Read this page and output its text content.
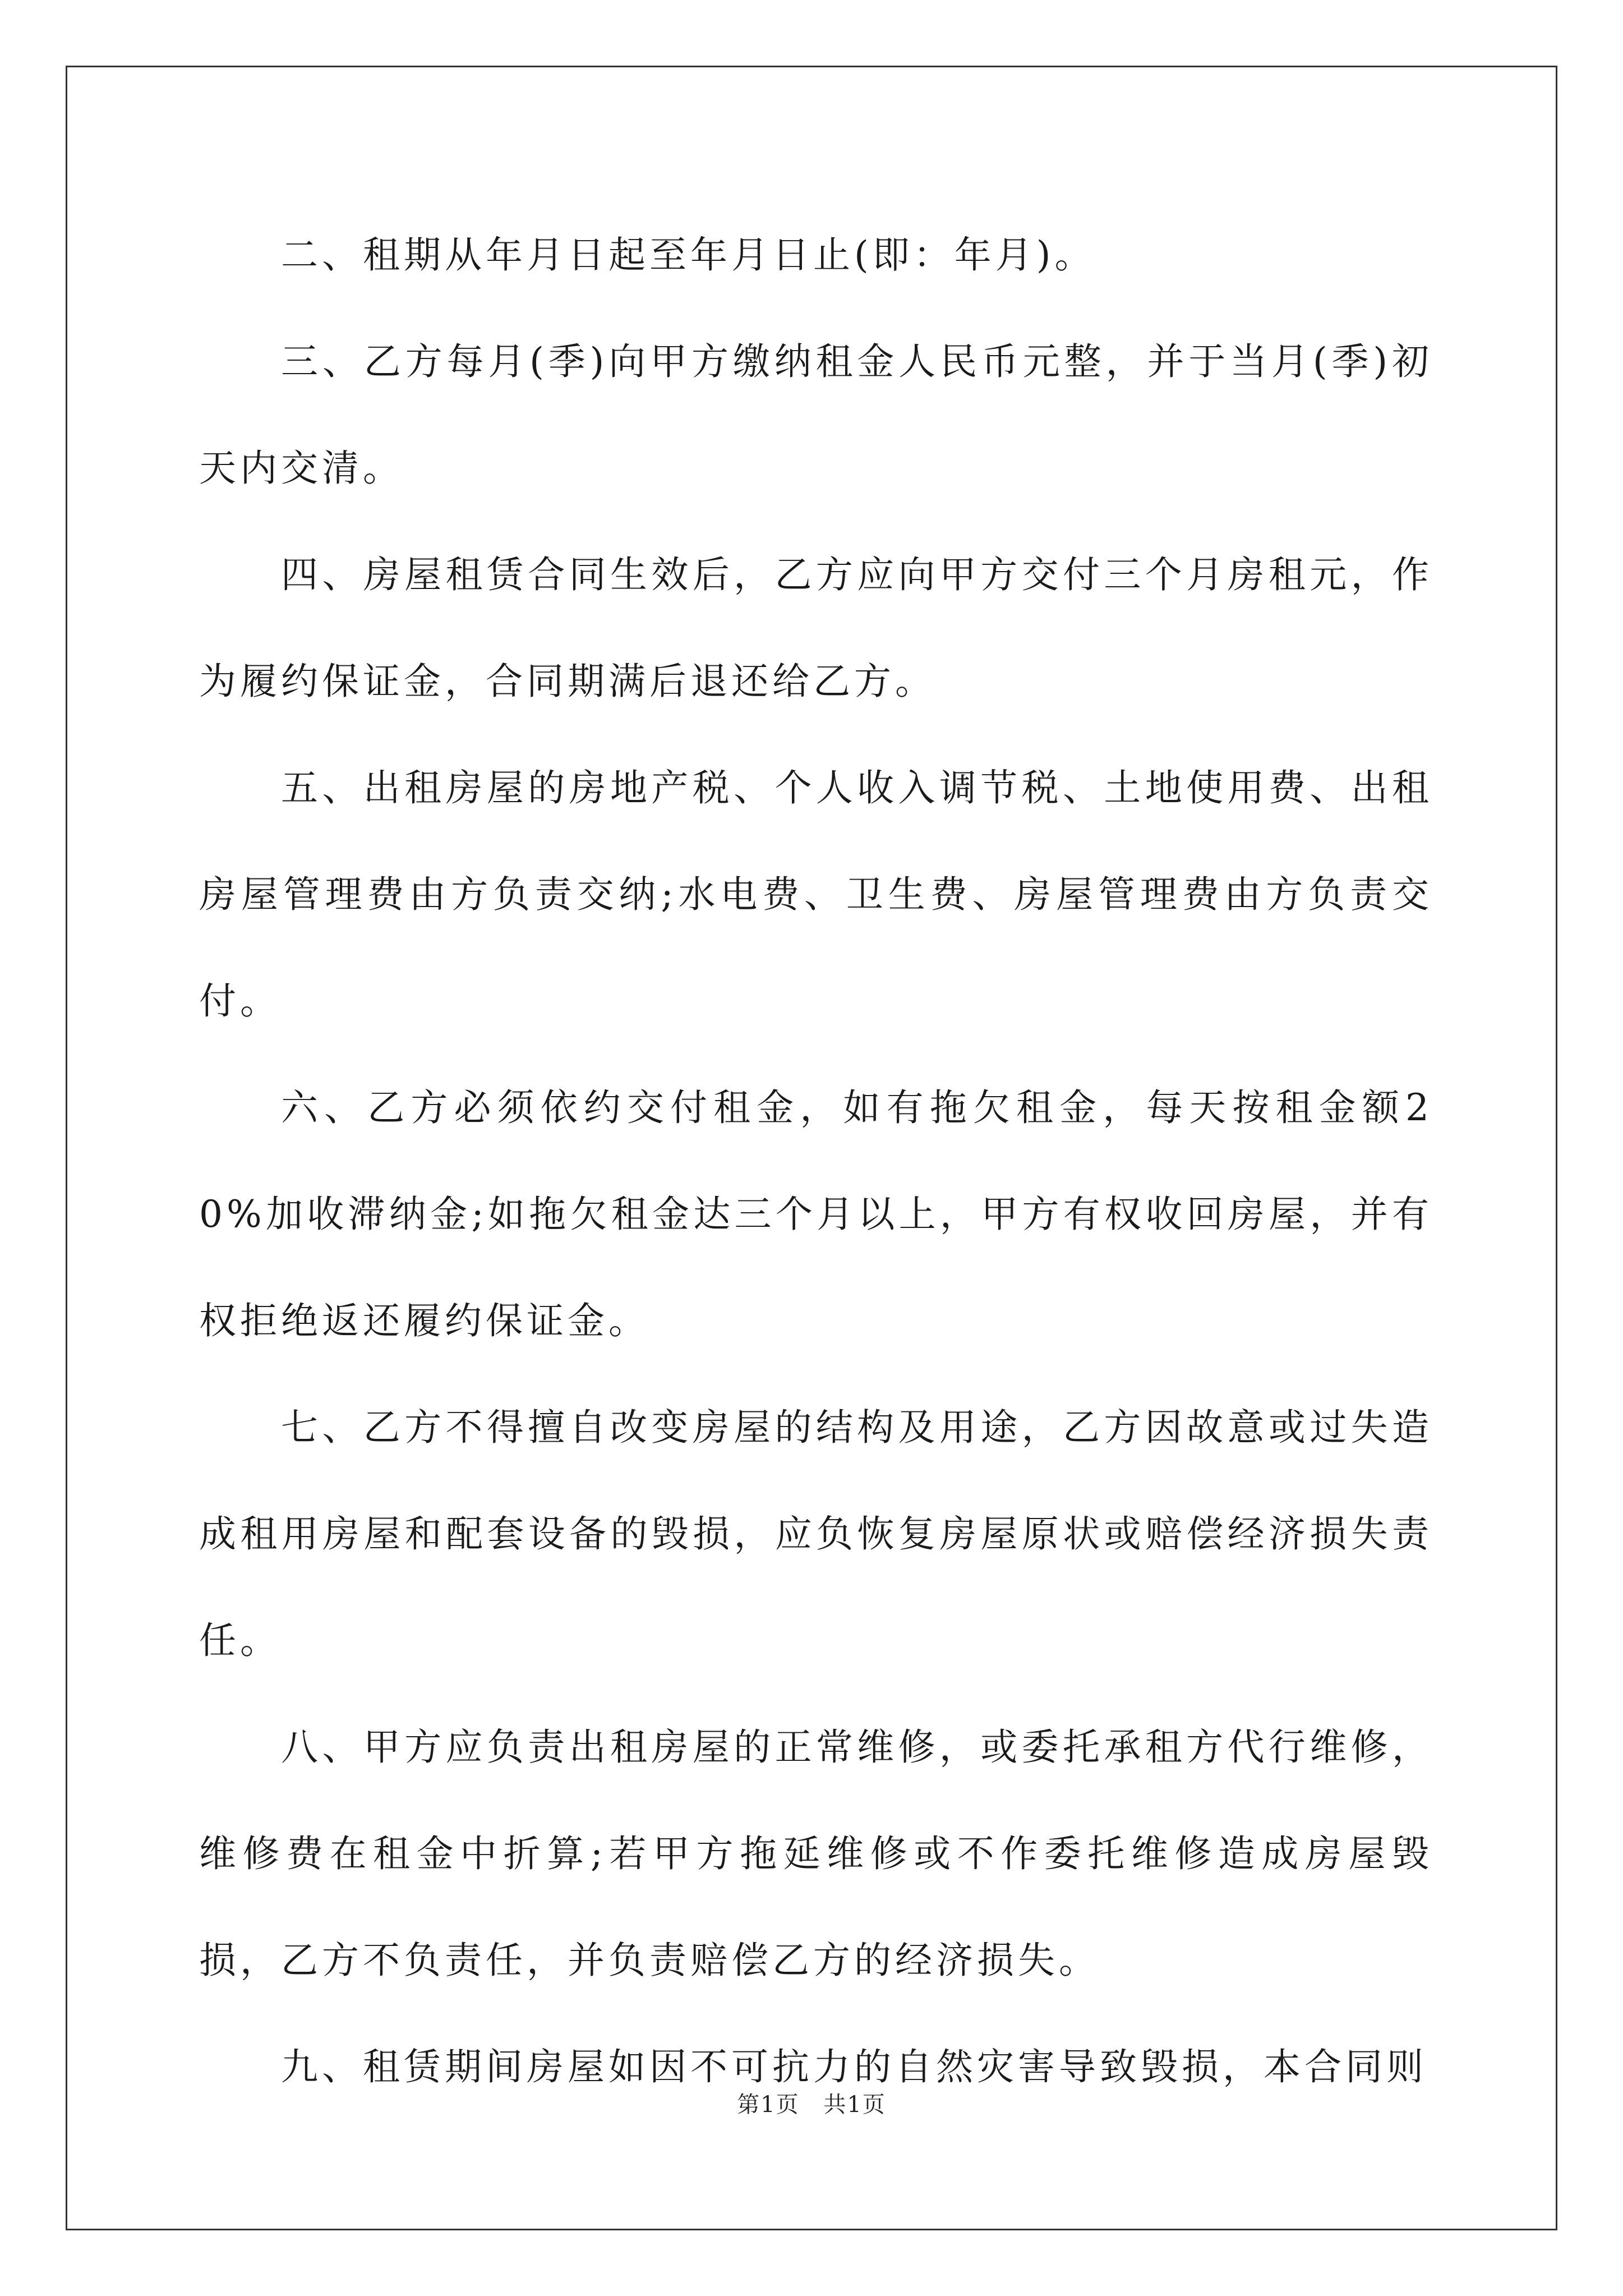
二、租期从年月日起至年月日止(即：年月)。

三、乙方每月(季)向甲方缴纳租金人民币元整，并于当月(季)初天内交清。

四、房屋租赁合同生效后，乙方应向甲方交付三个月房租元，作为履约保证金，合同期满后退还给乙方。

五、出租房屋的房地产税、个人收入调节税、土地使用费、出租房屋管理费由方负责交纳;水电费、卫生费、房屋管理费由方负责交付。

六、乙方必须依约交付租金，如有拖欠租金，每天按租金额20%加收滞纳金;如拖欠租金达三个月以上，甲方有权收回房屋，并有权拒绝返还履约保证金。

七、乙方不得擅自改变房屋的结构及用途，乙方因故意或过失造成租用房屋和配套设备的毁损，应负恢复房屋原状或赔偿经济损失责任。

八、甲方应负责出租房屋的正常维修，或委托承租方代行维修，维修费在租金中折算;若甲方拖延维修或不作委托维修造成房屋毁损，乙方不负责任，并负责赔偿乙方的经济损失。

九、租赁期间房屋如因不可抗力的自然灾害导致毁损，本合同则

第1页 共1页
